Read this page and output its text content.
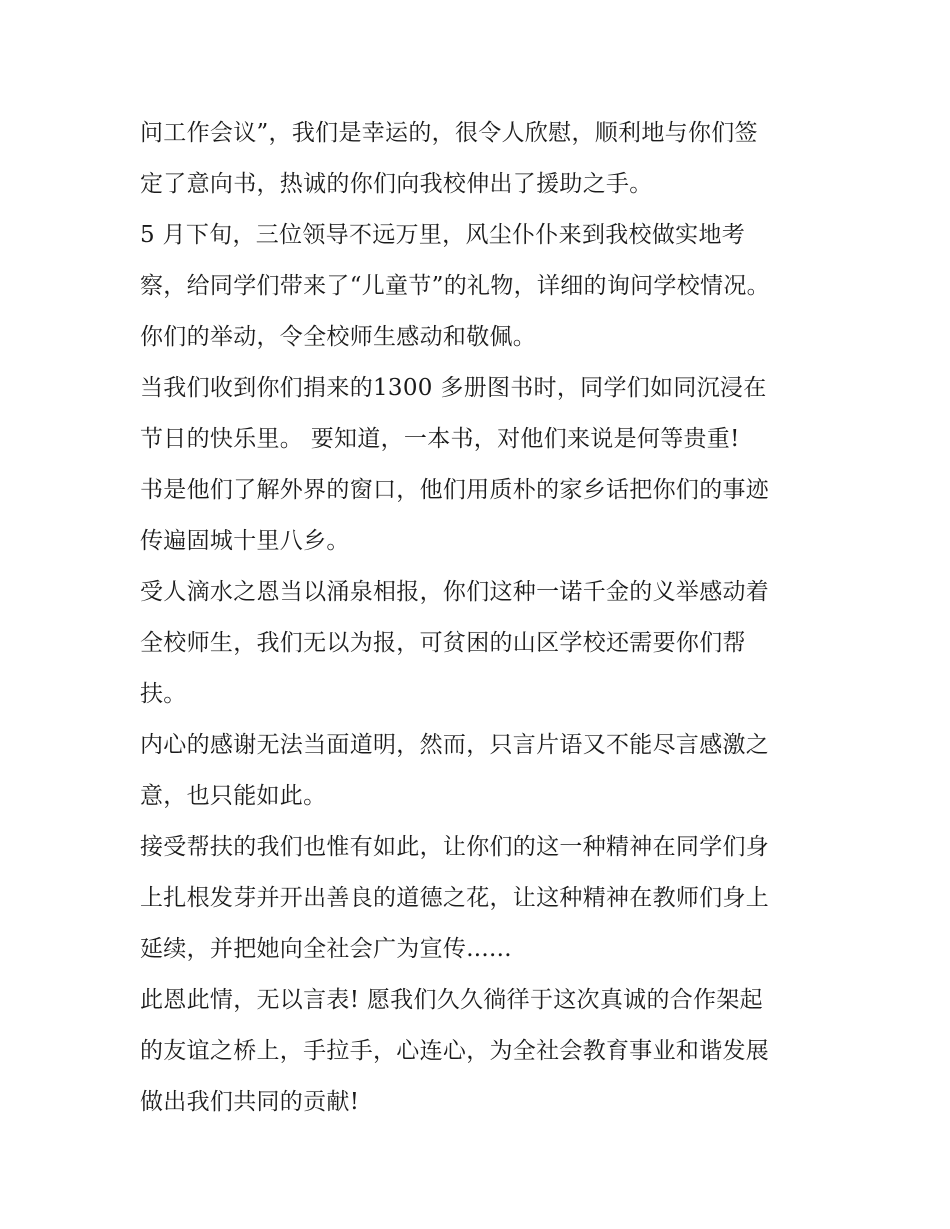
问工作会议”，我们是幸运的，很令人欣慰，顺利地与你们签
定了意向书，热诚的你们向我校伸出了援助之手。
5 月下旬，三位领导不远万里，风尘仆仆来到我校做实地考
察，给同学们带来了“儿童节”的礼物，详细的询问学校情况。
你们的举动，令全校师生感动和敬佩。
当我们收到你们捐来的1300 多册图书时，同学们如同沉浸在
节日的快乐里。 要知道，一本书，对他们来说是何等贵重!
书是他们了解外界的窗口，他们用质朴的家乡话把你们的事迹
传遍固城十里八乡。
受人滴水之恩当以涌泉相报，你们这种一诺千金的义举感动着
全校师生，我们无以为报，可贫困的山区学校还需要你们帮
扶。
内心的感谢无法当面道明，然而，只言片语又不能尽言感激之
意，也只能如此。
接受帮扶的我们也惟有如此，让你们的这一种精神在同学们身
上扎根发芽并开出善良的道德之花，让这种精神在教师们身上
延续，并把她向全社会广为宣传......
此恩此情，无以言表! 愿我们久久徜徉于这次真诚的合作架起
的友谊之桥上，手拉手，心连心，为全社会教育事业和谐发展
做出我们共同的贡献!
